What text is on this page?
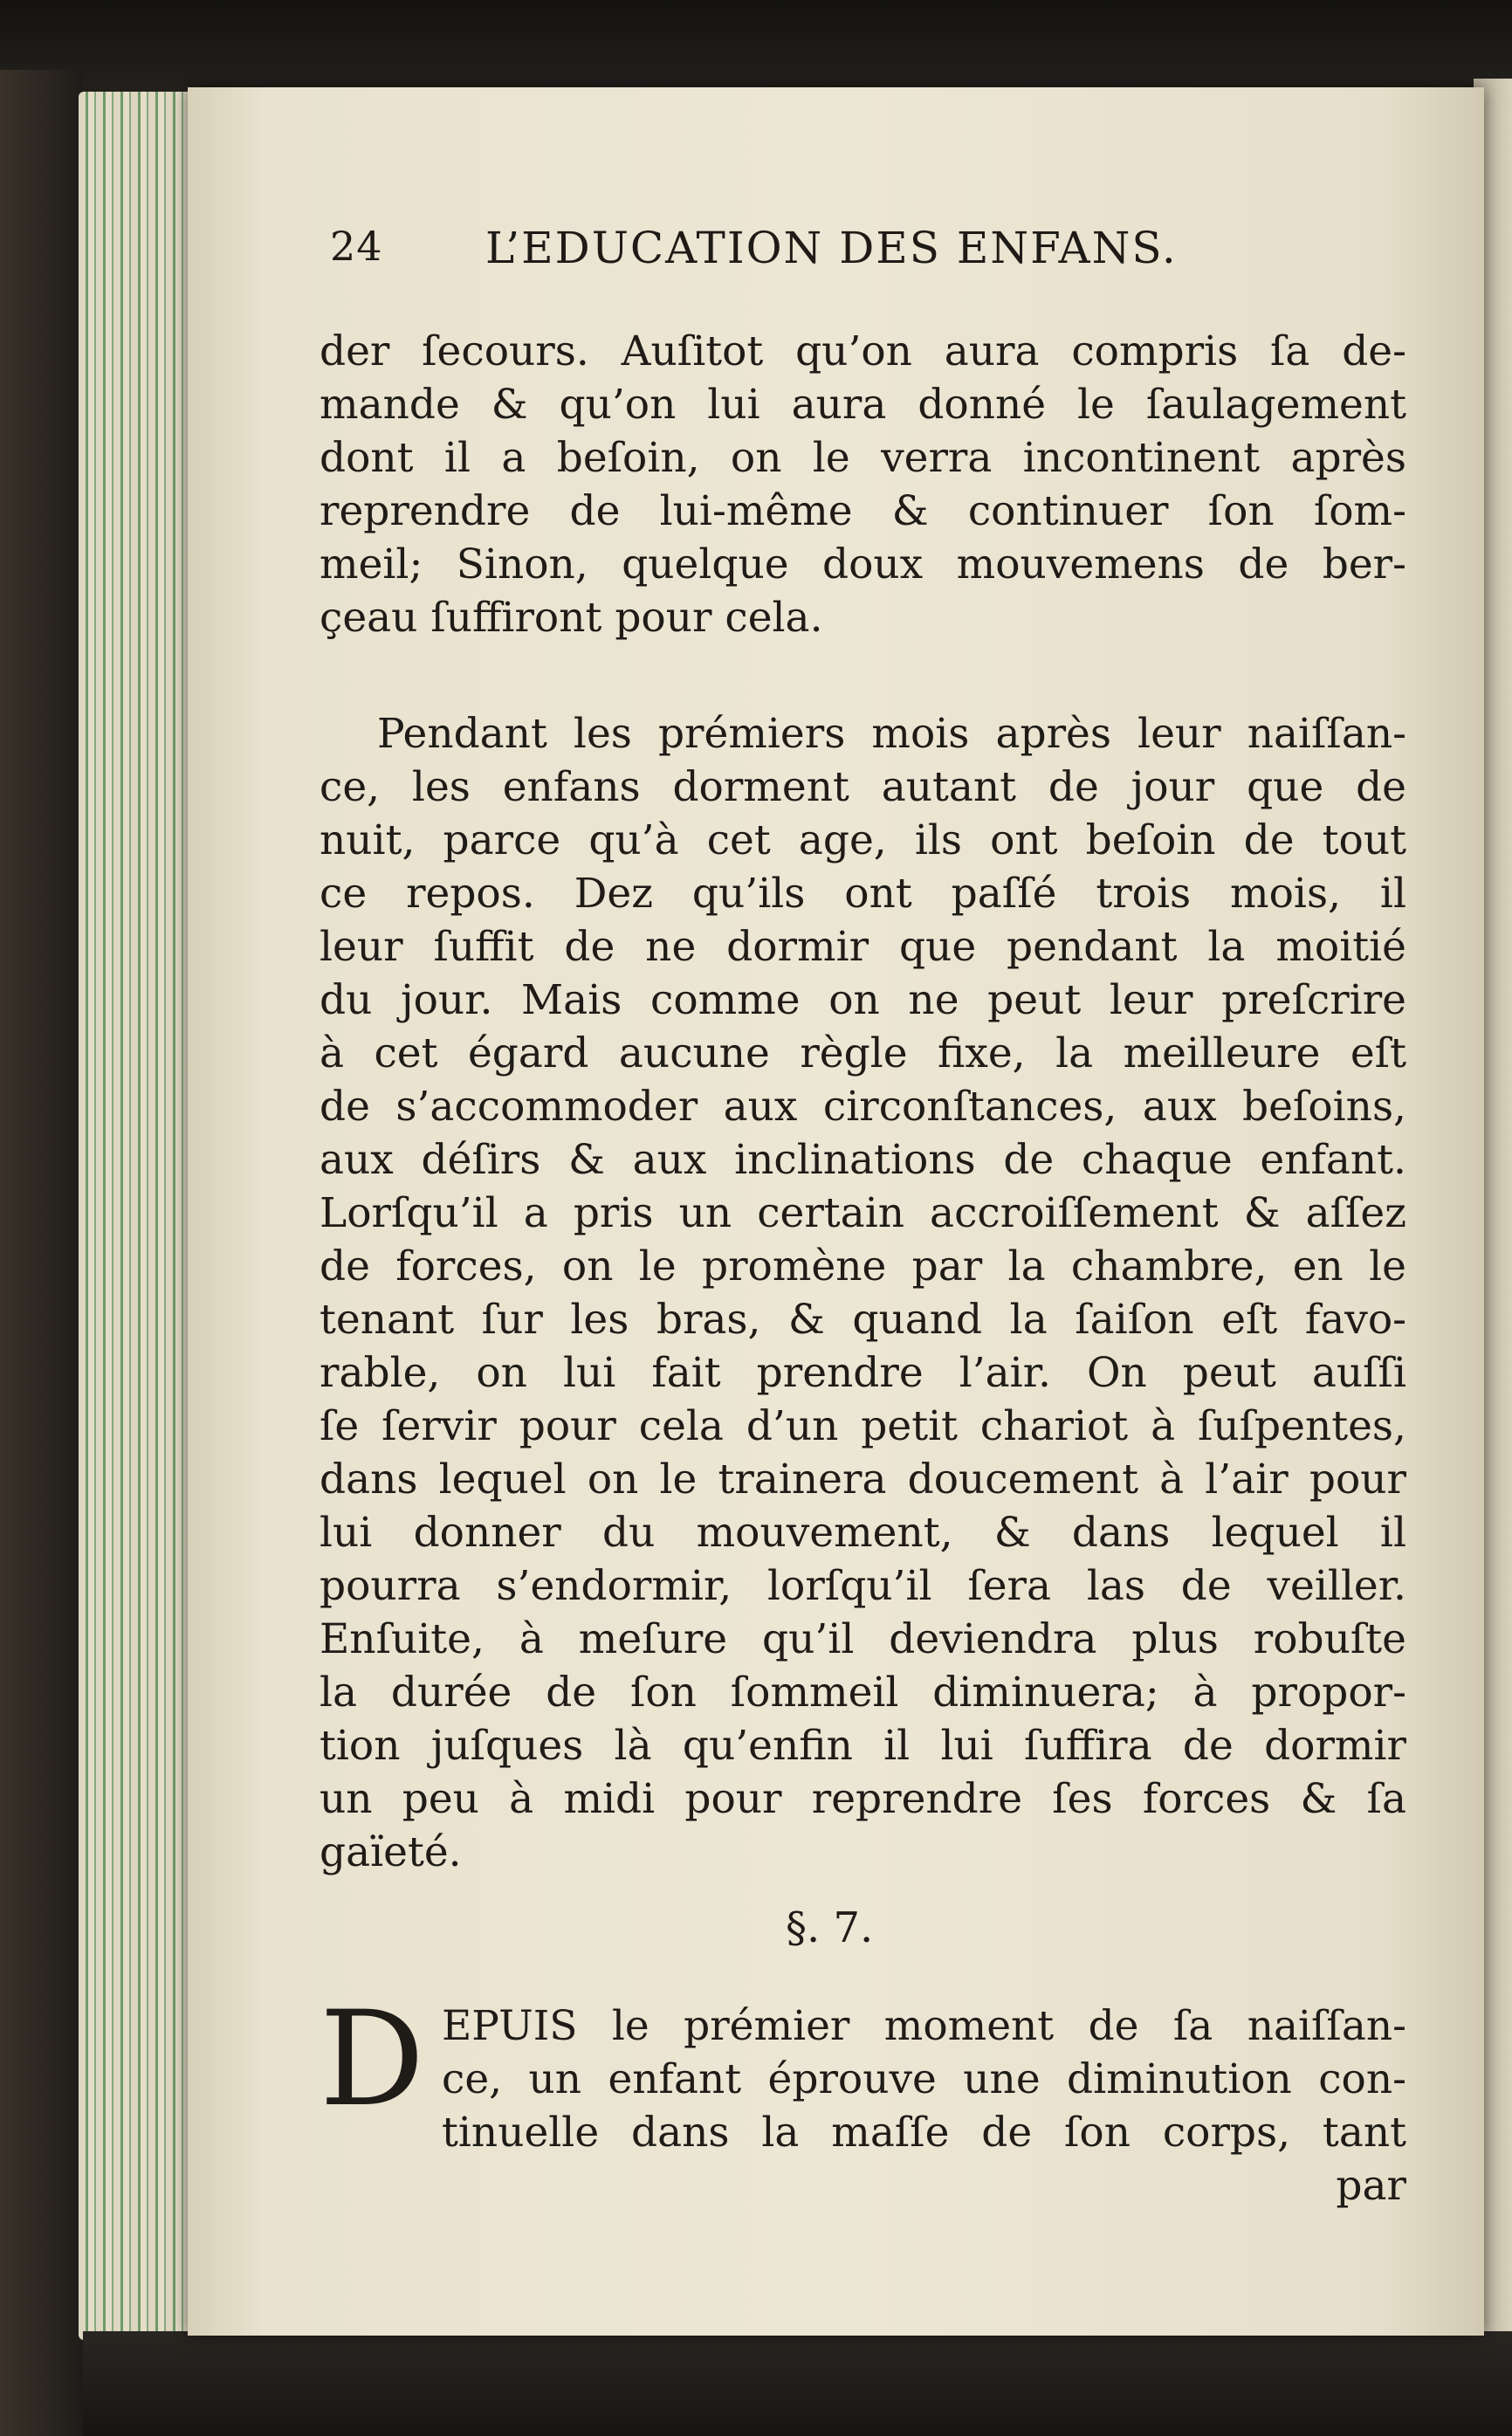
24 L’EDUCATION DES ENFANS.
der ſecours. Auſitot qu’on aura compris ſa de-
mande & qu’on lui aura donné le ſaulagement
dont il a beſoin, on le verra incontinent après
reprendre de lui-même & continuer ſon ſom-
meil; Sinon, quelque doux mouvemens de ber-
çeau ſuffiront pour cela.
Pendant les prémiers mois après leur naiſſan-
ce, les enfans dorment autant de jour que de
nuit, parce qu’à cet age, ils ont beſoin de tout
ce repos. Dez qu’ils ont paſſé trois mois, il
leur ſuffit de ne dormir que pendant la moitié
du jour. Mais comme on ne peut leur preſcrire
à cet égard aucune règle fixe, la meilleure eſt
de s’accommoder aux circonſtances, aux beſoins,
aux déſirs & aux inclinations de chaque enfant.
Lorſqu’il a pris un certain accroiſſement & aſſez
de forces, on le promène par la chambre, en le
tenant ſur les bras, & quand la ſaiſon eſt favo-
rable, on lui fait prendre l’air. On peut auſſi
ſe ſervir pour cela d’un petit chariot à ſuſpentes,
dans lequel on le trainera doucement à l’air pour
lui donner du mouvement, & dans lequel il
pourra s’endormir, lorſqu’il ſera las de veiller.
Enſuite, à meſure qu’il deviendra plus robuſte
la durée de ſon ſommeil diminuera; à propor-
tion juſques là qu’enfin il lui ſuffira de dormir
un peu à midi pour reprendre ſes forces & ſa
gaïeté.
§. 7.
D EPUIS le prémier moment de ſa naiſſan-
ce, un enfant éprouve une diminution con-
tinuelle dans la maſſe de ſon corps, tant
par
